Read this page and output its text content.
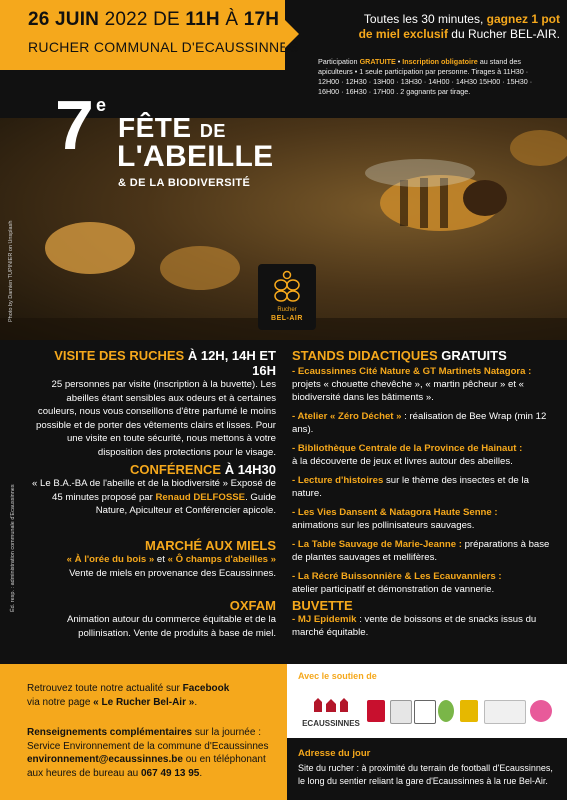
26 JUIN 2022 DE 11H À 17H
RUCHER COMMUNAL D'ECAUSSINNES
Toutes les 30 minutes, gagnez 1 pot
de miel exclusif du Rucher BEL-AIR.
Participation GRATUITE • Inscription obligatoire au stand des apiculteurs • 1 seule participation par personne. Tirages à 11H30 · 12H00 · 12H30 · 13H00 · 13H30 · 14H00 · 14H30 15H00 · 15H30 · 16H00 · 16H30 · 17H00 . 2 gagnants par tirage.
7 e
FÊTE DE
L'ABEILLE
& DE LA BIODIVERSITÉ
Photo by Damien TUPINIER on Unsplash	Rucher
BEL-AIR
VISITE DES RUCHES À 12H, 14H ET 16H
25 personnes par visite (inscription à la buvette). Les abeilles étant sensibles aux odeurs et à certaines couleurs, nous vous conseillons d'être parfumé le moins possible et de porter des vêtements clairs et lisses. Pour une visite en toute sécurité, nous mettons à votre disposition des protections pour le visage.
CONFÉRENCE À 14H30
« Le B.A.-BA de l'abeille et de la biodiversité » Exposé de 45 minutes proposé par Renaud DELFOSSE. Guide Nature, Apiculteur et Conférencier apicole.
MARCHÉ AUX MIELS
« À l'orée du bois » et « Ô champs d'abeilles »
Vente de miels en provenance des Ecaussinnes.
OXFAM
Animation autour du commerce équitable et de la pollinisation. Vente de produits à base de miel.
Éd. resp. : administration communale d'Ecaussinnes
STANDS DIDACTIQUES GRATUITS
- Ecaussinnes Cité Nature & GT Martinets Natagora :
projets « chouette chevêche », « martin pêcheur » et « biodiversité dans les bâtiments ».
- Atelier « Zéro Déchet » : réalisation de Bee Wrap (min 12 ans).
- Bibliothèque Centrale de la Province de Hainaut :
à la découverte de jeux et livres autour des abeilles.
- Lecture d'histoires sur le thème des insectes et de la nature.
- Les Vies Dansent & Natagora Haute Senne :
animations sur les pollinisateurs sauvages.
- La Table Sauvage de Marie-Jeanne : préparations à base de plantes sauvages et mellifères.
- La Récré Buissonnière & Les Ecauvanniers :
atelier participatif et démonstration de vannerie.
BUVETTE
- MJ Epidemik : vente de boissons et de snacks issus du marché équitable.
Retrouvez toute notre actualité sur Facebook
via notre page « Le Rucher Bel-Air ».
Renseignements complémentaires sur la journée :
Service Environnement de la commune d'Ecaussinnes
environnement@ecaussinnes.be ou en téléphonant
aux heures de bureau au 067 49 13 95.
Avec le soutien de
ECAUSSINNES
Adresse du jour
Site du rucher : à proximité du terrain de football d'Ecaussinnes, le long du sentier reliant la gare d'Ecaussinnes à la rue Bel-Air.
